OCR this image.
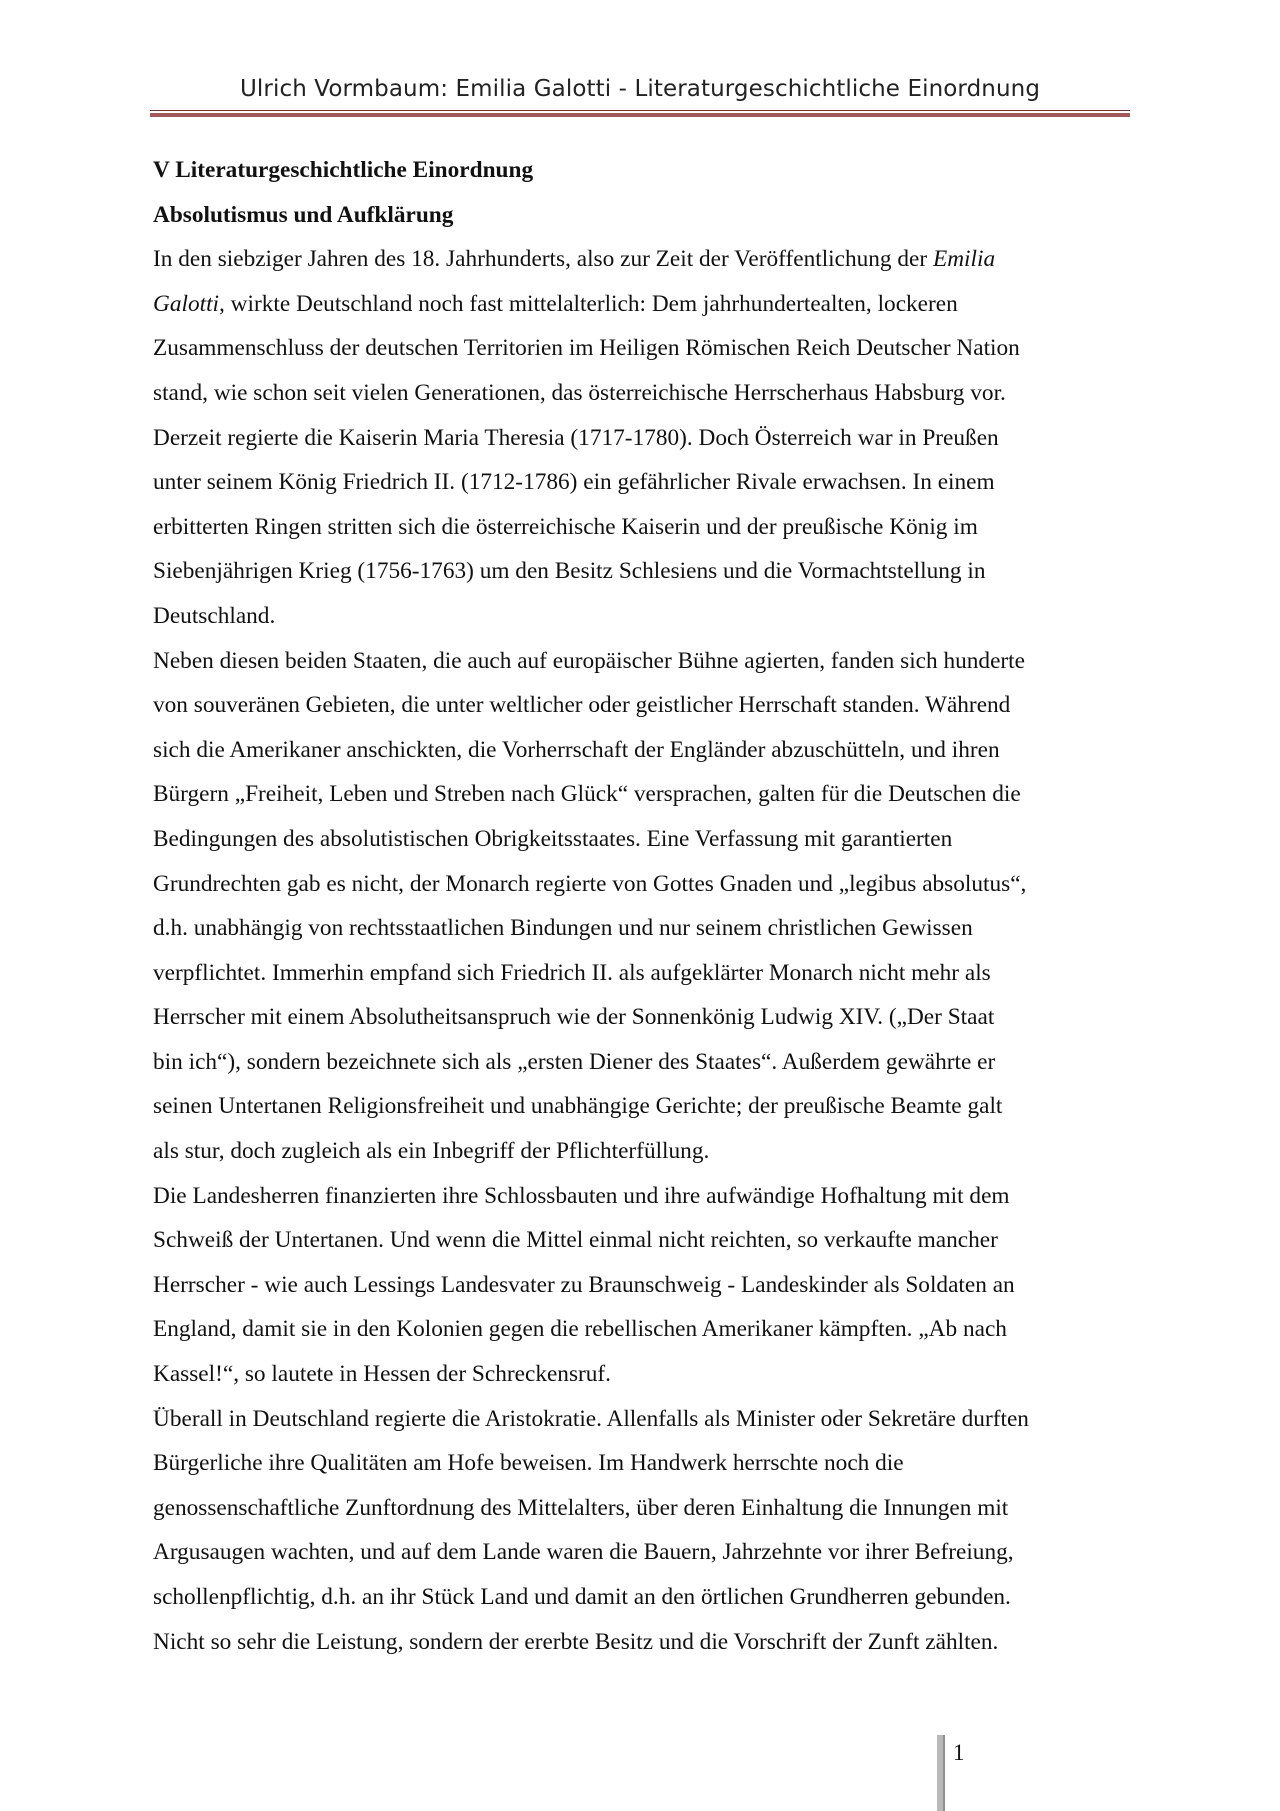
Ulrich Vormbaum: Emilia Galotti - Literaturgeschichtliche Einordnung
V Literaturgeschichtliche Einordnung
Absolutismus und Aufklärung

In den siebziger Jahren des 18. Jahrhunderts, also zur Zeit der Veröffentlichung der Emilia
Galotti, wirkte Deutschland noch fast mittelalterlich: Dem jahrhundertealten, lockeren
Zusammenschluss der deutschen Territorien im Heiligen Römischen Reich Deutscher Nation
stand, wie schon seit vielen Generationen, das österreichische Herrscherhaus Habsburg vor.
Derzeit regierte die Kaiserin Maria Theresia (1717-1780). Doch Österreich war in Preußen
unter seinem König Friedrich II. (1712-1786) ein gefährlicher Rivale erwachsen. In einem
erbitterten Ringen stritten sich die österreichische Kaiserin und der preußische König im
Siebenjährigen Krieg (1756-1763) um den Besitz Schlesiens und die Vormachtstellung in
Deutschland.

Neben diesen beiden Staaten, die auch auf europäischer Bühne agierten, fanden sich hunderte
von souveränen Gebieten, die unter weltlicher oder geistlicher Herrschaft standen. Während
sich die Amerikaner anschickten, die Vorherrschaft der Engländer abzuschütteln, und ihren
Bürgern „Freiheit, Leben und Streben nach Glück“ versprachen, galten für die Deutschen die
Bedingungen des absolutistischen Obrigkeitsstaates. Eine Verfassung mit garantierten
Grundrechten gab es nicht, der Monarch regierte von Gottes Gnaden und „legibus absolutus“,
d.h. unabhängig von rechtsstaatlichen Bindungen und nur seinem christlichen Gewissen
verpflichtet. Immerhin empfand sich Friedrich II. als aufgeklärter Monarch nicht mehr als
Herrscher mit einem Absolutheitsanspruch wie der Sonnenkönig Ludwig XIV. („Der Staat
bin ich“), sondern bezeichnete sich als „ersten Diener des Staates“. Außerdem gewährte er
seinen Untertanen Religionsfreiheit und unabhängige Gerichte; der preußische Beamte galt
als stur, doch zugleich als ein Inbegriff der Pflichterfüllung.

Die Landesherren finanzierten ihre Schlossbauten und ihre aufwändige Hofhaltung mit dem
Schweiß der Untertanen. Und wenn die Mittel einmal nicht reichten, so verkaufte mancher
Herrscher - wie auch Lessings Landesvater zu Braunschweig - Landeskinder als Soldaten an
England, damit sie in den Kolonien gegen die rebellischen Amerikaner kämpften. „Ab nach
Kassel!“, so lautete in Hessen der Schreckensruf.

Überall in Deutschland regierte die Aristokratie. Allenfalls als Minister oder Sekretäre durften
Bürgerliche ihre Qualitäten am Hofe beweisen. Im Handwerk herrschte noch die
genossenschaftliche Zunftordnung des Mittelalters, über deren Einhaltung die Innungen mit
Argusaugen wachten, und auf dem Lande waren die Bauern, Jahrzehnte vor ihrer Befreiung,
schollenpflichtig, d.h. an ihr Stück Land und damit an den örtlichen Grundherren gebunden.
Nicht so sehr die Leistung, sondern der ererbte Besitz und die Vorschrift der Zunft zählten.

1
